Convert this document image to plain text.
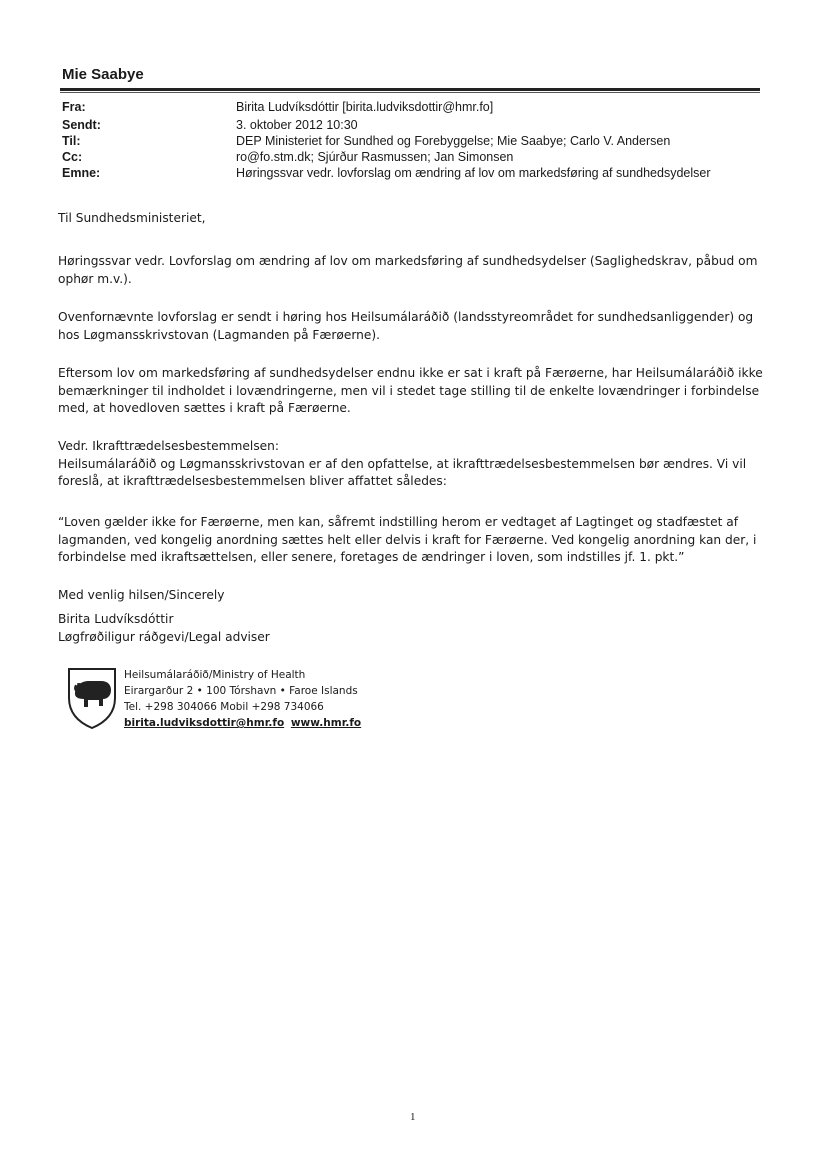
Mie Saabye
Fra:	Birita Ludvíksdóttir [birita.ludviksdottir@hmr.fo]
Sendt:	3. oktober 2012 10:30
Til:	DEP Ministeriet for Sundhed og Forebyggelse; Mie Saabye; Carlo V. Andersen
Cc:	ro@fo.stm.dk; Sjúrður Rasmussen; Jan Simonsen
Emne:	Høringssvar vedr. lovforslag om ændring af lov om markedsføring af sundhedsydelser
Til Sundhedsministeriet,
Høringssvar vedr. Lovforslag om ændring af lov om markedsføring af sundhedsydelser (Saglighedskrav, påbud om
ophør m.v.).
Ovenfornævnte lovforslag er sendt i høring hos Heilsumálaráðið (landsstyreområdet for sundhedsanliggender) og
hos Løgmansskrivstovan (Lagmanden på Færøerne).
Eftersom lov om markedsføring af sundhedsydelser endnu ikke er sat i kraft på Færøerne, har Heilsumálaráðið ikke
bemærkninger til indholdet i lovændringerne, men vil i stedet tage stilling til de enkelte lovændringer i forbindelse
med, at hovedloven sættes i kraft på Færøerne.
Vedr. Ikrafttrædelsesbestemmelsen:
Heilsumálaráðið og Løgmansskrivstovan er af den opfattelse, at ikrafttrædelsesbestemmelsen bør ændres. Vi vil
foreslå, at ikrafttrædelsesbestemmelsen bliver affattet således:
“Loven gælder ikke for Færøerne, men kan, såfremt indstilling herom er vedtaget af Lagtinget og stadfæstet af
lagmanden, ved kongelig anordning sættes helt eller delvis i kraft for Færøerne. Ved kongelig anordning kan der, i
forbindelse med ikraftsættelsen, eller senere, foretages de ændringer i loven, som indstilles jf. 1. pkt.”
Med venlig hilsen/Sincerely
Birita Ludvíksdóttir
Løgfrøðiligur ráðgevi/Legal adviser
Heilsumálaráðið/Ministry of Health
Eirargarður 2 • 100 Tórshavn • Faroe Islands
Tel. +298 304066 Mobil +298 734066
birita.ludviksdottir@hmr.fo www.hmr.fo
1
